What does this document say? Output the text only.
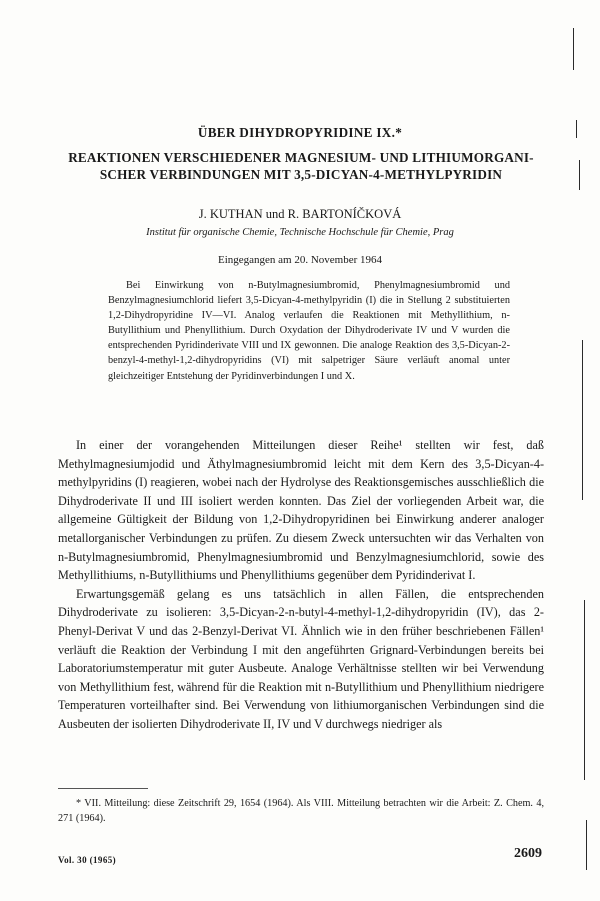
ÜBER DIHYDROPYRIDINE IX.*
REAKTIONEN VERSCHIEDENER MAGNESIUM- UND LITHIUMORGANI-SCHER VERBINDUNGEN MIT 3,5-DICYAN-4-METHYLPYRIDIN
J. KUTHAN und R. BARTONÍČKOVÁ
Institut für organische Chemie, Technische Hochschule für Chemie, Prag
Eingegangen am 20. November 1964

Bei Einwirkung von n-Butylmagnesiumbromid, Phenylmagnesiumbromid und Benzylmagnesiumchlorid liefert 3,5-Dicyan-4-methylpyridin (I) die in Stellung 2 substituierten 1,2-Dihydropyridine IV—VI. Analog verlaufen die Reaktionen mit Methyllithium, n-Butyllithium und Phenyllithium. Durch Oxydation der Dihydroderivate IV und V wurden die entsprechenden Pyridinderivate VIII und IX gewonnen. Die analoge Reaktion des 3,5-Dicyan-2-benzyl-4-methyl-1,2-dihydropyridins (VI) mit salpetriger Säure verläuft anomal unter gleichzeitiger Entstehung der Pyridinverbindungen I und X.

In einer der vorangehenden Mitteilungen dieser Reihe¹ stellten wir fest, daß Methylmagnesiumjodid und Äthylmagnesiumbromid leicht mit dem Kern des 3,5-Dicyan-4-methylpyridins (I) reagieren, wobei nach der Hydrolyse des Reaktionsgemisches ausschließlich die Dihydroderivate II und III isoliert werden konnten. Das Ziel der vorliegenden Arbeit war, die allgemeine Gültigkeit der Bildung von 1,2-Dihydropyridinen bei Einwirkung anderer analoger metallorganischer Verbindungen zu prüfen. Zu diesem Zweck untersuchten wir das Verhalten von n-Butylmagnesiumbromid, Phenylmagnesiumbromid und Benzylmagnesiumchlorid, sowie des Methyllithiums, n-Butyllithiums und Phenyllithiums gegenüber dem Pyridinderivat I.

Erwartungsgemäß gelang es uns tatsächlich in allen Fällen, die entsprechenden Dihydroderivate zu isolieren: 3,5-Dicyan-2-n-butyl-4-methyl-1,2-dihydropyridin (IV), das 2-Phenyl-Derivat V und das 2-Benzyl-Derivat VI. Ähnlich wie in den früher beschriebenen Fällen¹ verläuft die Reaktion der Verbindung I mit den angeführten Grignard-Verbindungen bereits bei Laboratoriumstemperatur mit guter Ausbeute. Analoge Verhältnisse stellten wir bei Verwendung von Methyllithium fest, während für die Reaktion mit n-Butyllithium und Phenyllithium niedrigere Temperaturen vorteilhafter sind. Bei Verwendung von lithiumorganischen Verbindungen sind die Ausbeuten der isolierten Dihydroderivate II, IV und V durchwegs niedriger als

* VII. Mitteilung: diese Zeitschrift 29, 1654 (1964). Als VIII. Mitteilung betrachten wir die Arbeit: Z. Chem. 4, 271 (1964).

Vol. 30 (1965)	2609
